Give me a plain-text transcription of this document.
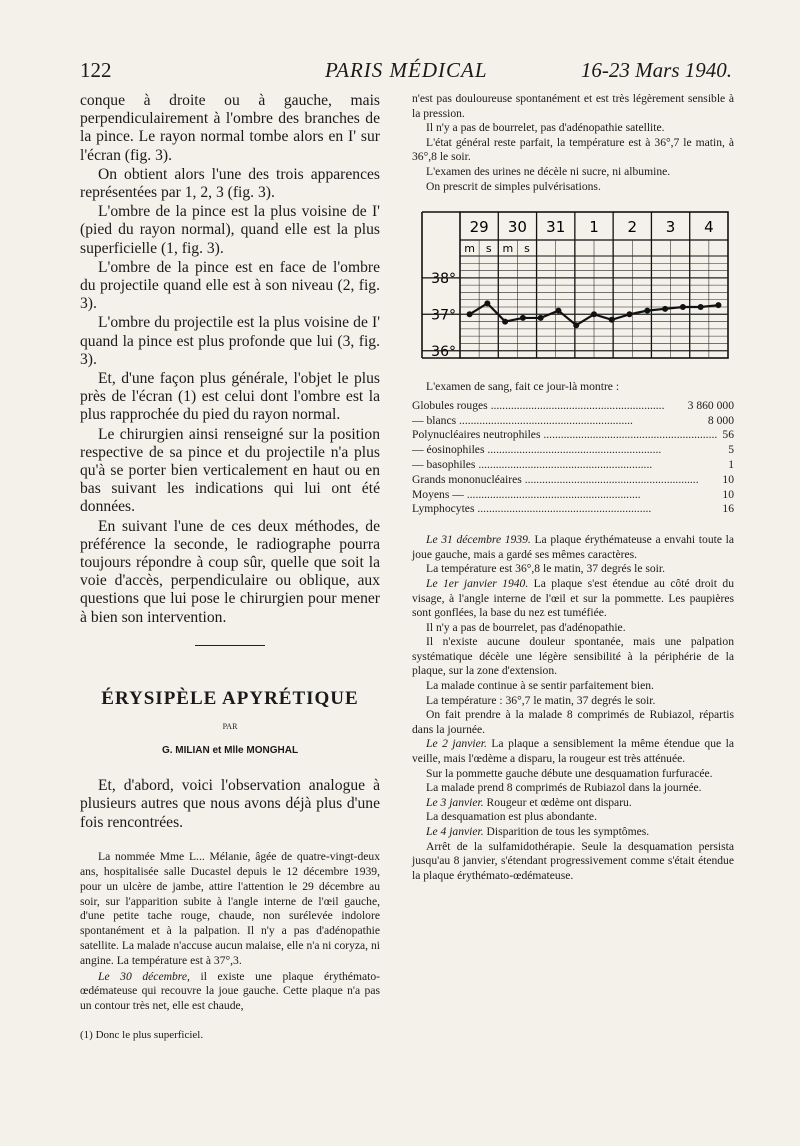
122	PARIS MÉDICAL	16-23 Mars 1940.

conque à droite ou à gauche, mais perpendiculairement à l'ombre des branches de la pince. Le rayon normal tombe alors en I' sur l'écran (fig. 3).

On obtient alors l'une des trois apparences représentées par 1, 2, 3 (fig. 3).

L'ombre de la pince est la plus voisine de I' (pied du rayon normal), quand elle est la plus superficielle (1, fig. 3).

L'ombre de la pince est en face de l'ombre du projectile quand elle est à son niveau (2, fig. 3).

L'ombre du projectile est la plus voisine de I' quand la pince est plus profonde que lui (3, fig. 3).

Et, d'une façon plus générale, l'objet le plus près de l'écran (1) est celui dont l'ombre est la plus rapprochée du pied du rayon normal.

Le chirurgien ainsi renseigné sur la position respective de sa pince et du projectile n'a plus qu'à se porter bien verticalement en haut ou en bas suivant les indications qui lui ont été données.

En suivant l'une de ces deux méthodes, de préférence la seconde, le radiographe pourra toujours répondre à coup sûr, quelle que soit la voie d'accès, perpendiculaire ou oblique, aux questions que lui pose le chirurgien pour mener à bien son intervention.

ÉRYSIPÈLE APYRÉTIQUE

PAR

G. MILIAN et Mlle MONGHAL

Et, d'abord, voici l'observation analogue à plusieurs autres que nous avons déjà plus d'une fois rencontrées.

La nommée Mme L... Mélanie, âgée de quatre-vingt-deux ans, hospitalisée salle Ducastel depuis le 12 décembre 1939, pour un ulcère de jambe, attire l'attention le 29 décembre au soir, sur l'apparition subite à l'angle interne de l'œil gauche, d'une petite tache rouge, chaude, non surélevée indolore spontanément et à la palpation. Il n'y a pas d'adénopathie satellite. La malade n'accuse aucun malaise, elle n'a ni coryza, ni angine. La température est à 37°,3.

Le 30 décembre, il existe une plaque érythémato-œdémateuse qui recouvre la joue gauche. Cette plaque n'a pas un contour très net, elle est chaude,

(1) Donc le plus superficiel.

n'est pas douloureuse spontanément et est très légèrement sensible à la pression.

Il n'y a pas de bourrelet, pas d'adénopathie satellite.

L'état général reste parfait, la température est à 36°,7 le matin, à 36°,8 le soir.

L'examen des urines ne décèle ni sucre, ni albumine.

On prescrit de simples pulvérisations.

29 30 31 1 2 3 4
m s m s
38°
37°
36°

L'examen de sang, fait ce jour-là montre :

Globules rouges .....	3 860 000
— blancs .....	8 000
Polynucléaires neutrophiles .....	56
— éosinophiles .....	5
— basophiles .....	1
Grands mononucléaires .....	10
Moyens — .....	10
Lymphocytes .....	16

Le 31 décembre 1939. La plaque érythémateuse a envahi toute la joue gauche, mais a gardé ses mêmes caractères.

La température est 36°,8 le matin, 37 degrés le soir.

Le 1er janvier 1940. La plaque s'est étendue au côté droit du visage, à l'angle interne de l'œil et sur la pommette. Les paupières sont gonflées, la base du nez est tuméfiée.

Il n'y a pas de bourrelet, pas d'adénopathie.

Il n'existe aucune douleur spontanée, mais une palpation systématique décèle une légère sensibilité à la périphérie de la plaque, sur la zone d'extension.

La malade continue à se sentir parfaitement bien.

La température : 36°,7 le matin, 37 degrés le soir.

On fait prendre à la malade 8 comprimés de Rubiazol, répartis dans la journée.

Le 2 janvier. La plaque a sensiblement la même étendue que la veille, mais l'œdème a disparu, la rougeur est très atténuée.

Sur la pommette gauche débute une desquamation furfuracée.

La malade prend 8 comprimés de Rubiazol dans la journée.

Le 3 janvier. Rougeur et œdème ont disparu.

La desquamation est plus abondante.

Le 4 janvier. Disparition de tous les symptômes.

Arrêt de la sulfamidothérapie. Seule la desquamation persista jusqu'au 8 janvier, s'étendant progressivement comme s'était étendue la plaque érythémato-œdémateuse.
